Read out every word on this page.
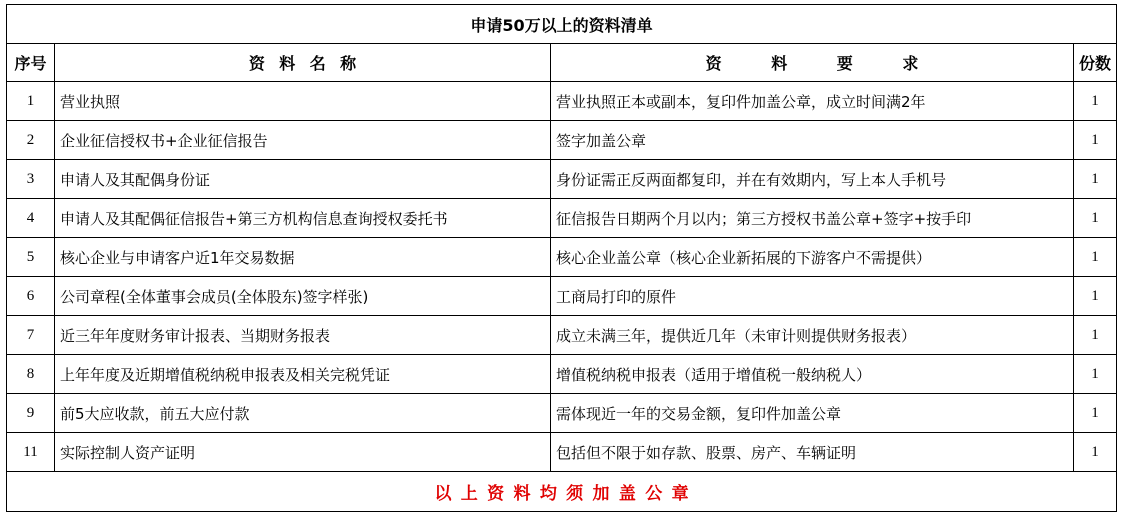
申请50万以上的资料清单			
序号	资料名称	资料要求	份数
1	营业执照	营业执照正本或副本，复印件加盖公章，成立时间满2年	1
2	企业征信授权书+企业征信报告	签字加盖公章	1
3	申请人及其配偶身份证	身份证需正反两面都复印，并在有效期内，写上本人手机号	1
4	申请人及其配偶征信报告+第三方机构信息查询授权委托书	征信报告日期两个月以内；第三方授权书盖公章+签字+按手印	1
5	核心企业与申请客户近1年交易数据	核心企业盖公章（核心企业新拓展的下游客户不需提供）	1
6	公司章程(全体董事会成员(全体股东)签字样张)	工商局打印的原件	1
7	近三年年度财务审计报表、当期财务报表	成立未满三年，提供近几年（未审计则提供财务报表）	1
8	上年年度及近期增值税纳税申报表及相关完税凭证	增值税纳税申报表（适用于增值税一般纳税人）	1
9	前5大应收款，前五大应付款	需体现近一年的交易金额，复印件加盖公章	1
11	实际控制人资产证明	包括但不限于如存款、股票、房产、车辆证明	1
以上资料均须加盖公章			
